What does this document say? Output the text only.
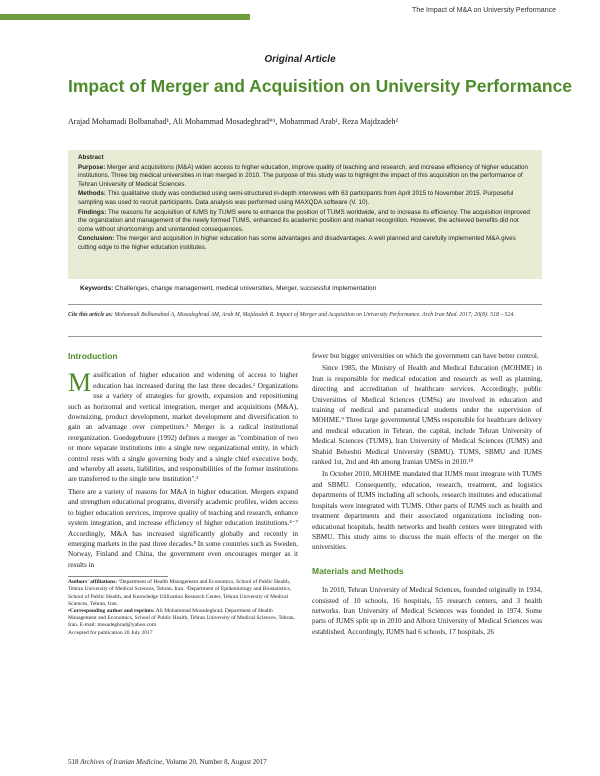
The Impact of M&A on University Performance
Original Article
Impact of Merger and Acquisition on University Performance
Arajad Mohamadi Bolbanabad¹, Ali Mohammad Mosadeghrad*¹, Mohammad Arab¹, Reza Majdzadeh²

Abstract

Purpose: Merger and acquisitions (M&A) widen access to higher education, improve quality of teaching and research, and increase efficiency of higher education institutions. Three big medical universities in Iran merged in 2010. The purpose of this study was to highlight the impact of this acquisition on the performance of Tehran University of Medical Sciences.

Methods: This qualitative study was conducted using semi-structured in-depth interviews with 63 participants from April 2015 to November 2015. Purposeful sampling was used to recruit participants. Data analysis was performed using MAXQDA software (V. 10).

Findings: The reasons for acquisition of IUMS by TUMS were to enhance the position of TUMS worldwide, and to increase its efficiency. The acquisition improved the organization and management of the newly formed TUMS, enhanced its academic position and market recognition. However, the achieved benefits did not come without shortcomings and unintended consequences.

Conclusion: The merger and acquisition in higher education has some advantages and disadvantages. A well planned and carefully implemented M&A gives cutting edge to the higher education institutes.

Keywords: Challenges, change management, medical universities, Merger, successful implementation
Cite this article as: Mohamadi Bolbanabad A, Mosadeghrad AM, Arab M, Majdzadeh R. Impact of Merger and Acquisition on University Performance. Arch Iran Med. 2017; 20(8): 518 – 524.
Introduction

Massification of higher education and widening of access to higher education has increased during the last three decades.¹ Organizations use a variety of strategies for growth, expansion and repositioning such as horizontal and vertical integration, merger and acquisitions (M&A), downsizing, product development, market development and diversification to gain an advantage over competitors.² Merger is a radical institutional reorganization. Goedegebuure (1992) defines a merger as "combination of two or more separate institutions into a single new organizational entity, in which control rests with a single governing body and a single chief executive body, and whereby all assets, liabilities, and responsibilities of the former institutions are transferred to the single new institution".³

There are a variety of reasons for M&A in higher education. Mergers expand and strengthen educational programs, diversify academic profiles, widen access to higher education services, improve quality of teaching and research, enhance system integration, and increase efficiency of higher education institutions.⁴⁻⁷ Accordingly, M&A has increased significantly globally and recently in emerging markets in the past three decades.⁸ In some countries such as Sweden, Norway, Finland and China, the government even encourages merger as it results in

Authors' affiliations: ¹Department of Health Management and Economics, School of Public Health, Tehran University of Medical Sciences, Tehran, Iran. ²Department of Epidemiology and Biostatistics, School of Public Health, and Knowledge Utilization Research Center, Tehran University of Medical Sciences, Tehran, Iran.
•Corresponding author and reprints: Ali Mohammad Mosadeghrad, Department of Health Management and Economics, School of Public Health, Tehran University of Medical Sciences, Tehran, Iran. E-mail: mosadeghrad@yahoo.com
Accepted for publication 20 July 2017

fewer but bigger universities on which the government can have better control.

Since 1985, the Ministry of Health and Medical Education (MOHME) in Iran is responsible for medical education and research as well as planning, directing and accreditation of healthcare services. Accordingly, public Universities of Medical Sciences (UMSs) are involved in education and training of medical and paramedical students under the supervision of MOHME.⁹ Three large governmental UMSs responsible for healthcare delivery and medical education in Tehran, the capital, include Tehran University of Medical Sciences (TUMS), Iran University of Medical Sciences (IUMS) and Shahid Beheshti Medical University (SBMU). TUMS, SBMU and IUMS ranked 1st, 2nd and 4th among Iranian UMSs in 2010.¹⁰

In October 2010, MOHME mandated that IUMS must integrate with TUMS and SBMU. Consequently, education, research, treatment, and logistics departments of IUMS including all schools, research institutes and educational hospitals were integrated with TUMS. Other parts of IUMS such as health and treatment departments and their associated organizations including non-educational hospitals, health networks and health centers were integrated with SBMU. This study aims to discuss the main effects of the merger on the universities.

Materials and Methods

In 2010, Tehran University of Medical Sciences, founded originally in 1934, consisted of 10 schools, 16 hospitals, 55 research centers, and 3 health networks. Iran University of Medical Sciences was founded in 1974. Some parts of IUMS split up in 2010 and Alborz University of Medical Sciences was established. Accordingly, IUMS had 6 schools, 17 hospitals, 26

518 Archives of Iranian Medicine, Volume 20, Number 8, August 2017
